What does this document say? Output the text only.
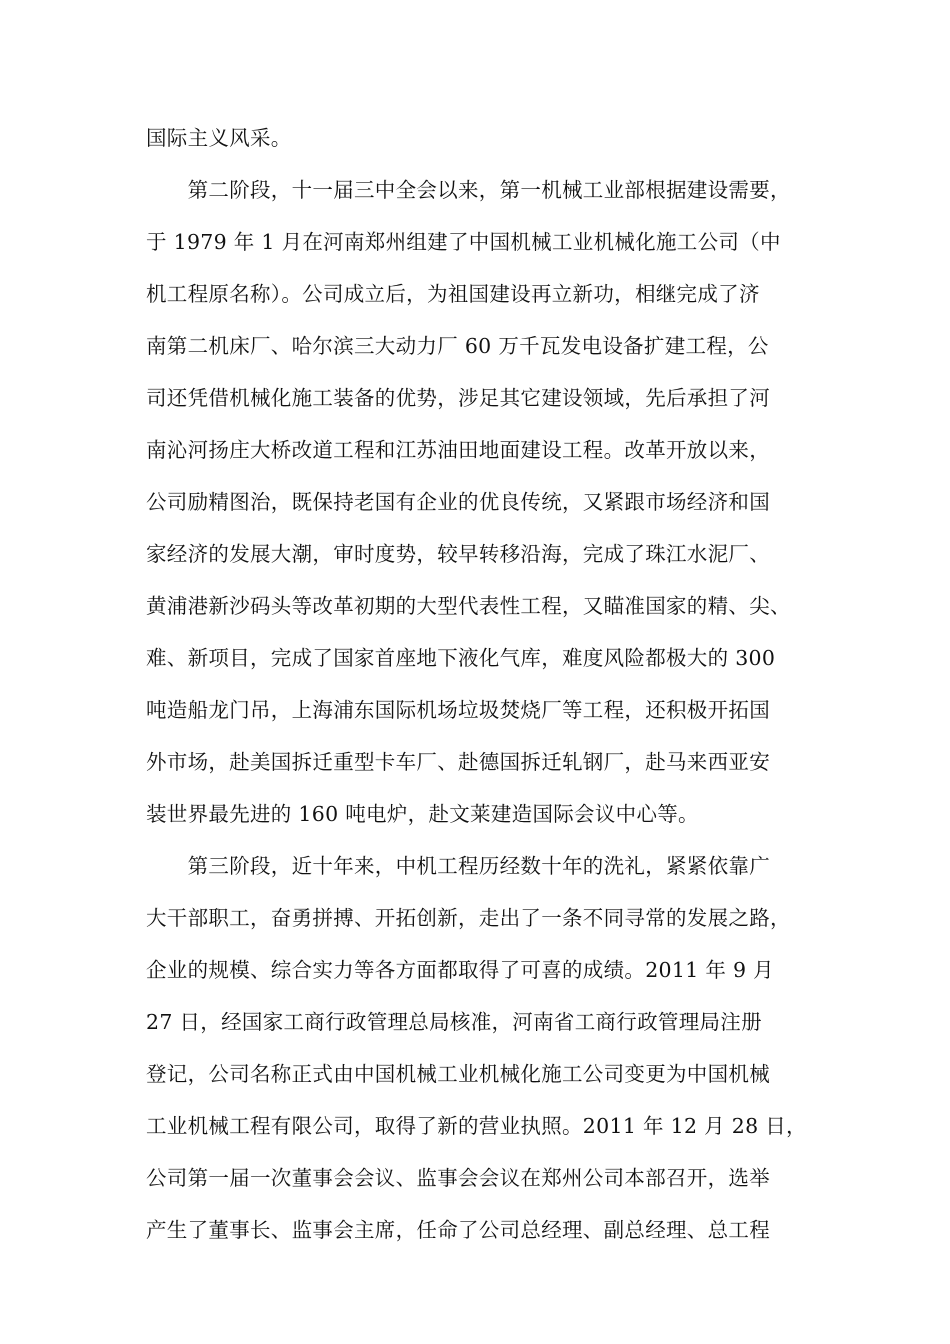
国际主义风采。
　　第二阶段，十一届三中全会以来，第一机械工业部根据建设需要，
于 1979 年 1 月在河南郑州组建了中国机械工业机械化施工公司（中
机工程原名称）。公司成立后，为祖国建设再立新功，相继完成了济
南第二机床厂、哈尔滨三大动力厂 60 万千瓦发电设备扩建工程，公
司还凭借机械化施工装备的优势，涉足其它建设领域，先后承担了河
南沁河扬庄大桥改道工程和江苏油田地面建设工程。改革开放以来，
公司励精图治，既保持老国有企业的优良传统，又紧跟市场经济和国
家经济的发展大潮，审时度势，较早转移沿海，完成了珠江水泥厂、
黄浦港新沙码头等改革初期的大型代表性工程，又瞄准国家的精、尖、
难、新项目，完成了国家首座地下液化气库，难度风险都极大的 300
吨造船龙门吊，上海浦东国际机场垃圾焚烧厂等工程，还积极开拓国
外市场，赴美国拆迁重型卡车厂、赴德国拆迁轧钢厂，赴马来西亚安
装世界最先进的 160 吨电炉，赴文莱建造国际会议中心等。
　　第三阶段，近十年来，中机工程历经数十年的洗礼，紧紧依靠广
大干部职工，奋勇拼搏、开拓创新，走出了一条不同寻常的发展之路，
企业的规模、综合实力等各方面都取得了可喜的成绩。2011 年 9 月
27 日，经国家工商行政管理总局核准，河南省工商行政管理局注册
登记，公司名称正式由中国机械工业机械化施工公司变更为中国机械
工业机械工程有限公司，取得了新的营业执照。2011 年 12 月 28 日，
公司第一届一次董事会会议、监事会会议在郑州公司本部召开，选举
产生了董事长、监事会主席，任命了公司总经理、副总经理、总工程
